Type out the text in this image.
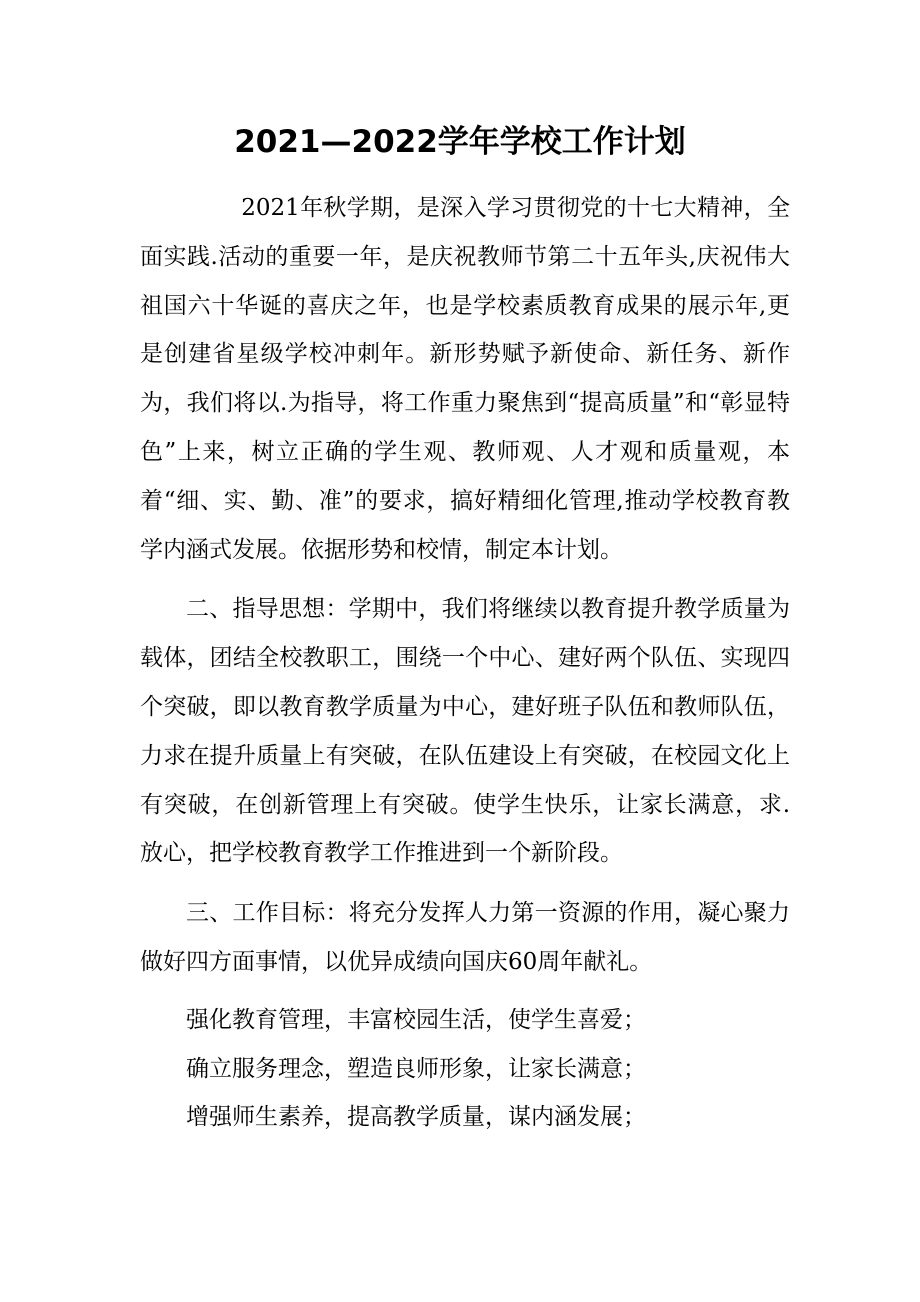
2021—2022学年学校工作计划

2021年秋学期，是深入学习贯彻党的十七大精神，全面实践.活动的重要一年，是庆祝教师节第二十五年头,庆祝伟大祖国六十华诞的喜庆之年，也是学校素质教育成果的展示年,更是创建省星级学校冲刺年。新形势赋予新使命、新任务、新作为，我们将以.为指导，将工作重力聚焦到“提高质量”和“彰显特色”上来，树立正确的学生观、教师观、人才观和质量观，本着“细、实、勤、准”的要求，搞好精细化管理,推动学校教育教学内涵式发展。依据形势和校情，制定本计划。

二、指导思想：学期中，我们将继续以教育提升教学质量为载体，团结全校教职工，围绕一个中心、建好两个队伍、实现四个突破，即以教育教学质量为中心，建好班子队伍和教师队伍，力求在提升质量上有突破，在队伍建设上有突破，在校园文化上有突破，在创新管理上有突破。使学生快乐，让家长满意，求.放心，把学校教育教学工作推进到一个新阶段。

三、工作目标：将充分发挥人力第一资源的作用，凝心聚力做好四方面事情，以优异成绩向国庆60周年献礼。

强化教育管理，丰富校园生活，使学生喜爱；

确立服务理念，塑造良师形象，让家长满意；

增强师生素养，提高教学质量，谋内涵发展；
